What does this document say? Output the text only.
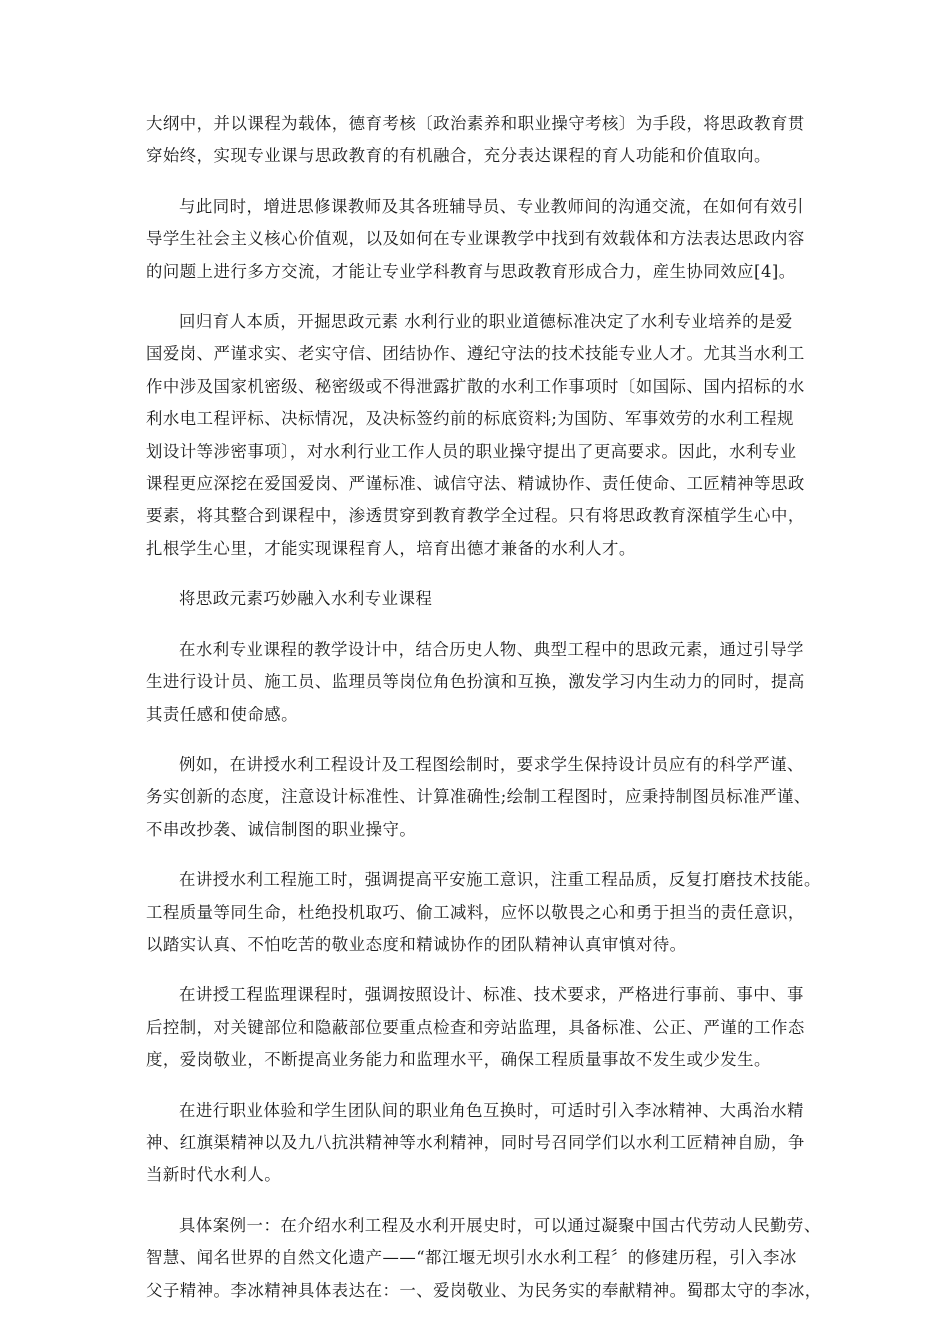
大纲中，并以课程为载体，德育考核〔政治素养和职业操守考核〕为手段，将思政教育贯
穿始终，实现专业课与思政教育的有机融合，充分表达课程的育人功能和价值取向。

与此同时，增进思修课教师及其各班辅导员、专业教师间的沟通交流，在如何有效引
导学生社会主义核心价值观，以及如何在专业课教学中找到有效载体和方法表达思政内容
的问题上进行多方交流，才能让专业学科教育与思政教育形成合力，産生协同效应[4]。

回归育人本质，开掘思政元素 水利行业的职业道德标准决定了水利专业培养的是爱
国爱岗、严谨求实、老实守信、团结协作、遵纪守法的技术技能专业人才。尤其当水利工
作中涉及国家机密级、秘密级或不得泄露扩散的水利工作事项时〔如国际、国内招标的水
利水电工程评标、决标情况，及决标签约前的标底资料;为国防、军事效劳的水利工程规
划设计等涉密事项〕，对水利行业工作人员的职业操守提出了更高要求。因此，水利专业
课程更应深挖在爱国爱岗、严谨标准、诚信守法、精诚协作、责任使命、工匠精神等思政
要素，将其整合到课程中，渗透贯穿到教育教学全过程。只有将思政教育深植学生心中，
扎根学生心里，才能实现课程育人，培育出德才兼备的水利人才。

将思政元素巧妙融入水利专业课程

在水利专业课程的教学设计中，结合历史人物、典型工程中的思政元素，通过引导学
生进行设计员、施工员、监理员等岗位角色扮演和互换，激发学习内生动力的同时，提高
其责任感和使命感。

例如，在讲授水利工程设计及工程图绘制时，要求学生保持设计员应有的科学严谨、
务实创新的态度，注意设计标准性、计算准确性;绘制工程图时，应秉持制图员标准严谨、
不串改抄袭、诚信制图的职业操守。

在讲授水利工程施工时，强调提高平安施工意识，注重工程品质，反复打磨技术技能。
工程质量等同生命，杜绝投机取巧、偷工减料，应怀以敬畏之心和勇于担当的责任意识，
以踏实认真、不怕吃苦的敬业态度和精诚协作的团队精神认真审慎对待。

在讲授工程监理课程时，强调按照设计、标准、技术要求，严格进行事前、事中、事
后控制，对关键部位和隐蔽部位要重点检查和旁站监理，具备标准、公正、严谨的工作态
度，爱岗敬业，不断提高业务能力和监理水平，确保工程质量事故不发生或少发生。

在进行职业体验和学生团队间的职业角色互换时，可适时引入李冰精神、大禹治水精
神、红旗渠精神以及九八抗洪精神等水利精神，同时号召同学们以水利工匠精神自励，争
当新时代水利人。

具体案例一：在介绍水利工程及水利开展史时，可以通过凝聚中国古代劳动人民勤劳、
智慧、闻名世界的自然文化遗产——“都江堰无坝引水水利工程〞的修建历程，引入李冰
父子精神。李冰精神具体表达在：一、爱岗敬业、为民务实的奉献精神。蜀郡太守的李冰，
